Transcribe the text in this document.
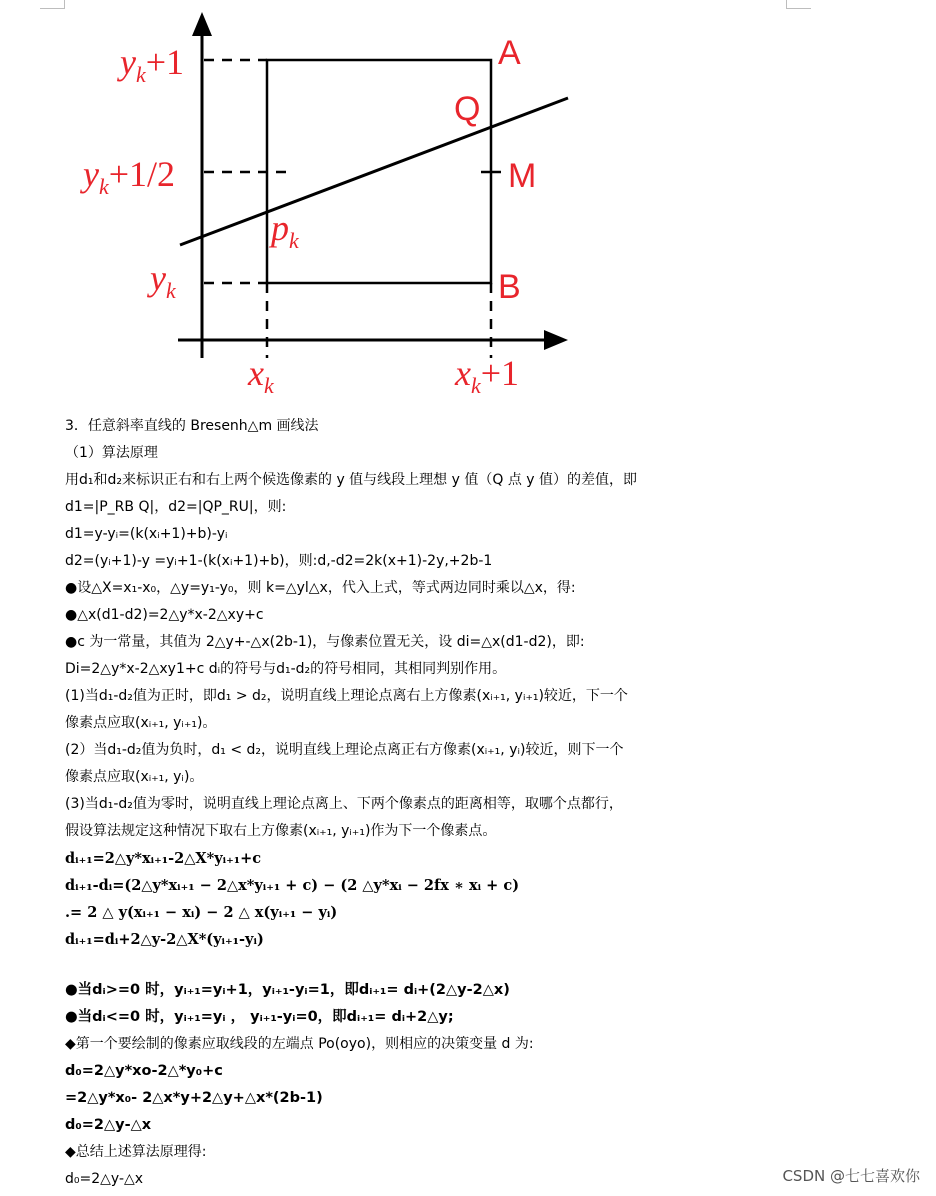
$y_k+1$
$y_k+1/2$
$y_k$
$x_k$	$x_k+1$
$p_k$
A
Q
M
B
3．任意斜率直线的 Bresenh△m 画线法
（1）算法原理
用d₁和d₂来标识正右和右上两个候选像素的 y 值与线段上理想 y 值（Q 点 y 值）的差值，即
d1=|P_RB Q|，d2=|QP_RU|，则:
d1=y-yᵢ=(k(xᵢ+1)+b)-yᵢ
d2=(yᵢ+1)-y =yᵢ+1-(k(xᵢ+1)+b)，则:d,-d2=2k(x+1)-2y,+2b-1
●设△X=x₁-x₀，△y=y₁-y₀，则 k=△yl△x，代入上式，等式两边同时乘以△x，得:
●△x(d1-d2)=2△y*x-2△xy+c
●c 为一常量，其值为 2△y+-△x(2b-1)，与像素位置无关，设 di=△x(d1-d2)，即:
Di=2△y*x-2△xy1+c dᵢ的符号与d₁-d₂的符号相同，其相同判别作用。
(1)当d₁-d₂值为正时，即d₁ > d₂，说明直线上理论点离右上方像素(xᵢ₊₁, yᵢ₊₁)较近，下一个
像素点应取(xᵢ₊₁, yᵢ₊₁)。
(2）当d₁-d₂值为负时，d₁ < d₂，说明直线上理论点离正右方像素(xᵢ₊₁, yᵢ)较近，则下一个
像素点应取(xᵢ₊₁, yᵢ)。
(3)当d₁-d₂值为零时，说明直线上理论点离上、下两个像素点的距离相等，取哪个点都行，
假设算法规定这种情况下取右上方像素(xᵢ₊₁, yᵢ₊₁)作为下一个像素点。
dᵢ₊₁=2△y*xᵢ₊₁-2△X*yᵢ₊₁+c
dᵢ₊₁-dᵢ=(2△y*xᵢ₊₁ − 2△x*yᵢ₊₁ + c) − (2 △y*xᵢ − 2fx ∗ xᵢ + c)
.= 2 △ y(xᵢ₊₁ − xᵢ) − 2 △ x(yᵢ₊₁ − yᵢ)
dᵢ₊₁=dᵢ+2△y-2△X*(yᵢ₊₁-yᵢ)
●当dᵢ>=0 时，yᵢ₊₁=yᵢ+1，yᵢ₊₁-yᵢ=1，即dᵢ₊₁= dᵢ+(2△y-2△x)
●当dᵢ<=0 时，yᵢ₊₁=yᵢ ， yᵢ₊₁-yᵢ=0，即dᵢ₊₁= dᵢ+2△y;
◆第一个要绘制的像素应取线段的左端点 Po(oyo)，则相应的决策变量 d 为:
d₀=2△y*xo-2△*y₀+c
=2△y*x₀- 2△x*y+2△y+△x*(2b-1)
d₀=2△y-△x
◆总结上述算法原理得:
d₀=2△y-△x	CSDN @七七喜欢你
